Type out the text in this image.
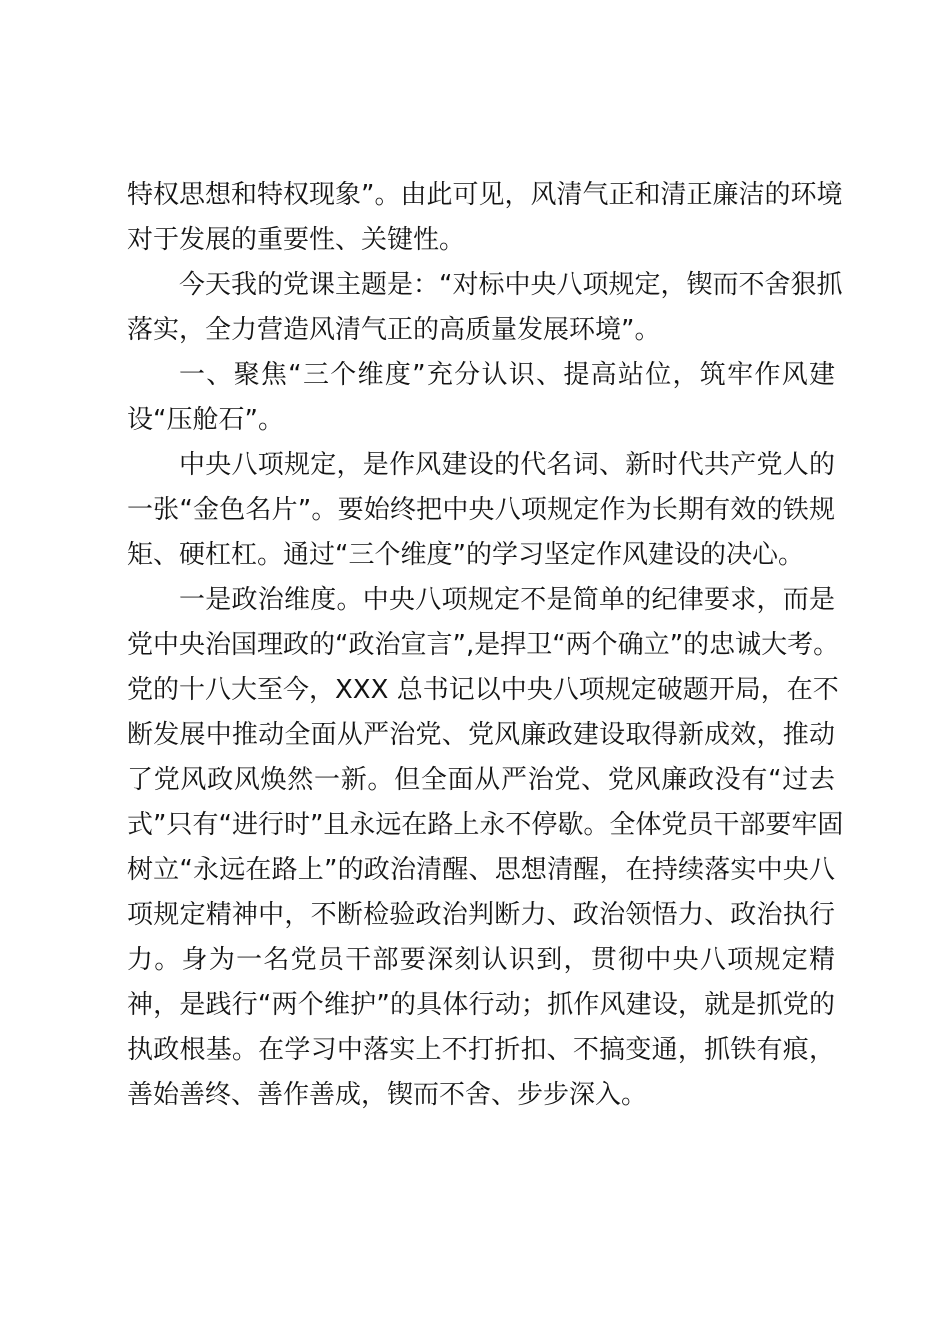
特权思想和特权现象”。由此可见，风清气正和清正廉洁的环境
对于发展的重要性、关键性。
今天我的党课主题是：“对标中央八项规定，锲而不舍狠抓
落实，全力营造风清气正的高质量发展环境”。
一、聚焦“三个维度”充分认识、提高站位，筑牢作风建
设“压舱石”。
中央八项规定，是作风建设的代名词、新时代共产党人的
一张“金色名片”。要始终把中央八项规定作为长期有效的铁规
矩、硬杠杠。通过“三个维度”的学习坚定作风建设的决心。
一是政治维度。中央八项规定不是简单的纪律要求，而是
党中央治国理政的“政治宣言”,是捍卫“两个确立”的忠诚大考。
党的十八大至今，XXX 总书记以中央八项规定破题开局，在不
断发展中推动全面从严治党、党风廉政建设取得新成效，推动
了党风政风焕然一新。但全面从严治党、党风廉政没有“过去
式”只有“进行时”且永远在路上永不停歇。全体党员干部要牢固
树立“永远在路上”的政治清醒、思想清醒，在持续落实中央八
项规定精神中，不断检验政治判断力、政治领悟力、政治执行
力。身为一名党员干部要深刻认识到，贯彻中央八项规定精
神，是践行“两个维护”的具体行动；抓作风建设，就是抓党的
执政根基。在学习中落实上不打折扣、不搞变通，抓铁有痕，
善始善终、善作善成，锲而不舍、步步深入。
